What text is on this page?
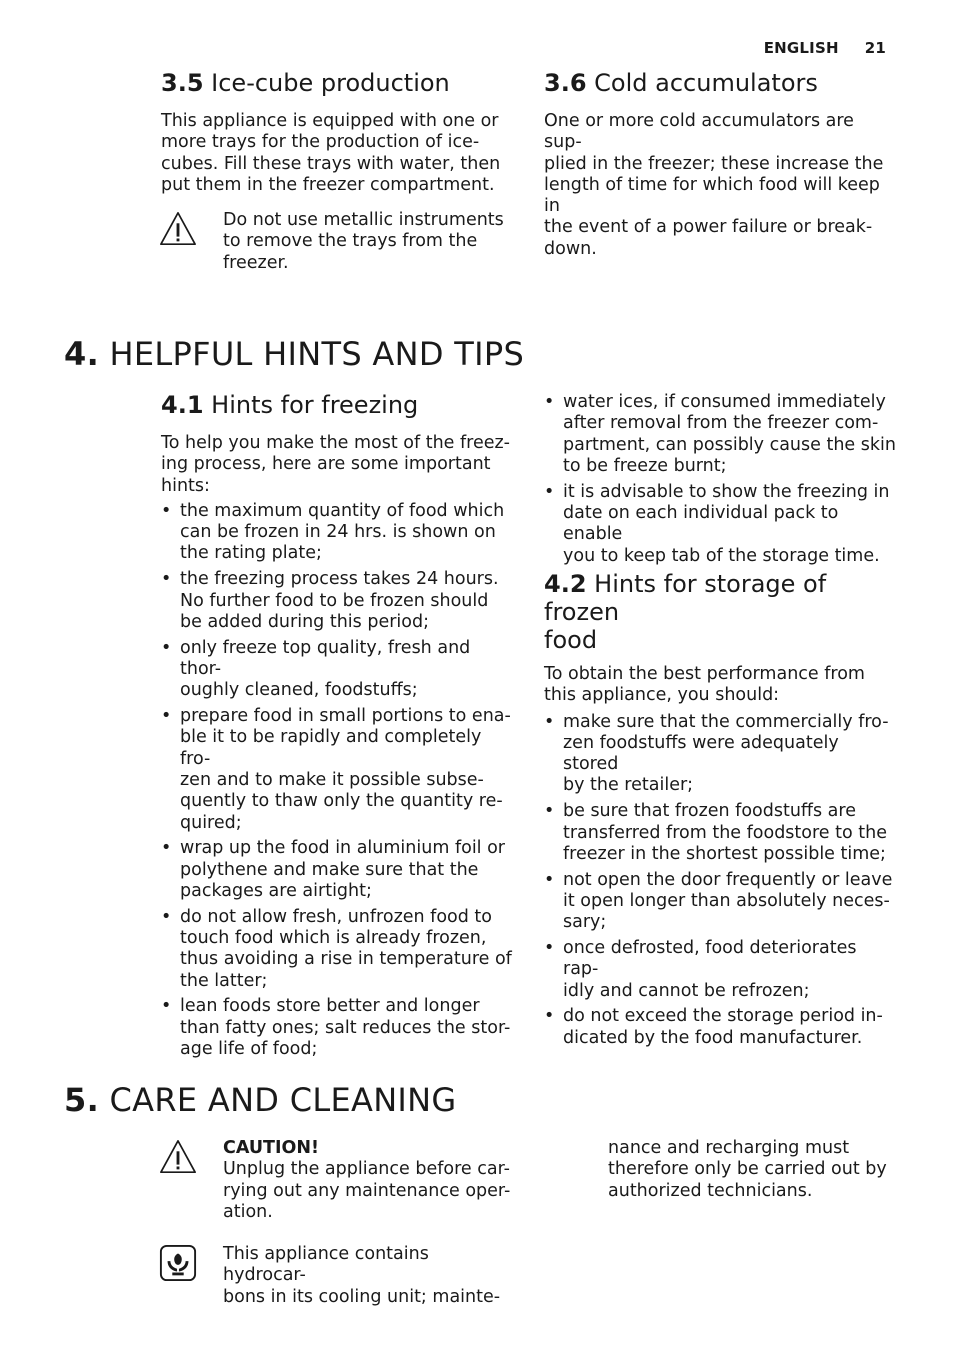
ENGLISH 21
3.5 Ice-cube production

This appliance is equipped with one or
more trays for the production of ice-
cubes. Fill these trays with water, then
put them in the freezer compartment.

Do not use metallic instruments
to remove the trays from the
freezer.

3.6 Cold accumulators

One or more cold accumulators are sup-
plied in the freezer; these increase the
length of time for which food will keep in
the event of a power failure or break-
down.

4. HELPFUL HINTS AND TIPS
4.1 Hints for freezing

To help you make the most of the freez-
ing process, here are some important
hints:

• the maximum quantity of food which
can be frozen in 24 hrs. is shown on
the rating plate;
• the freezing process takes 24 hours.
No further food to be frozen should
be added during this period;
• only freeze top quality, fresh and thor-
oughly cleaned, foodstuffs;
• prepare food in small portions to ena-
ble it to be rapidly and completely fro-
zen and to make it possible subse-
quently to thaw only the quantity re-
quired;
• wrap up the food in aluminium foil or
polythene and make sure that the
packages are airtight;
• do not allow fresh, unfrozen food to
touch food which is already frozen,
thus avoiding a rise in temperature of
the latter;
• lean foods store better and longer
than fatty ones; salt reduces the stor-
age life of food;
• water ices, if consumed immediately
after removal from the freezer com-
partment, can possibly cause the skin
to be freeze burnt;
• it is advisable to show the freezing in
date on each individual pack to enable
you to keep tab of the storage time.
4.2 Hints for storage of frozen
food

To obtain the best performance from
this appliance, you should:

• make sure that the commercially fro-
zen foodstuffs were adequately stored
by the retailer;
• be sure that frozen foodstuffs are
transferred from the foodstore to the
freezer in the shortest possible time;
• not open the door frequently or leave
it open longer than absolutely neces-
sary;
• once defrosted, food deteriorates rap-
idly and cannot be refrozen;
• do not exceed the storage period in-
dicated by the food manufacturer.
5. CARE AND CLEANING

CAUTION!
Unplug the appliance before car-
rying out any maintenance oper-
ation.

This appliance contains hydrocar-
bons in its cooling unit; mainte-

nance and recharging must
therefore only be carried out by
authorized technicians.
